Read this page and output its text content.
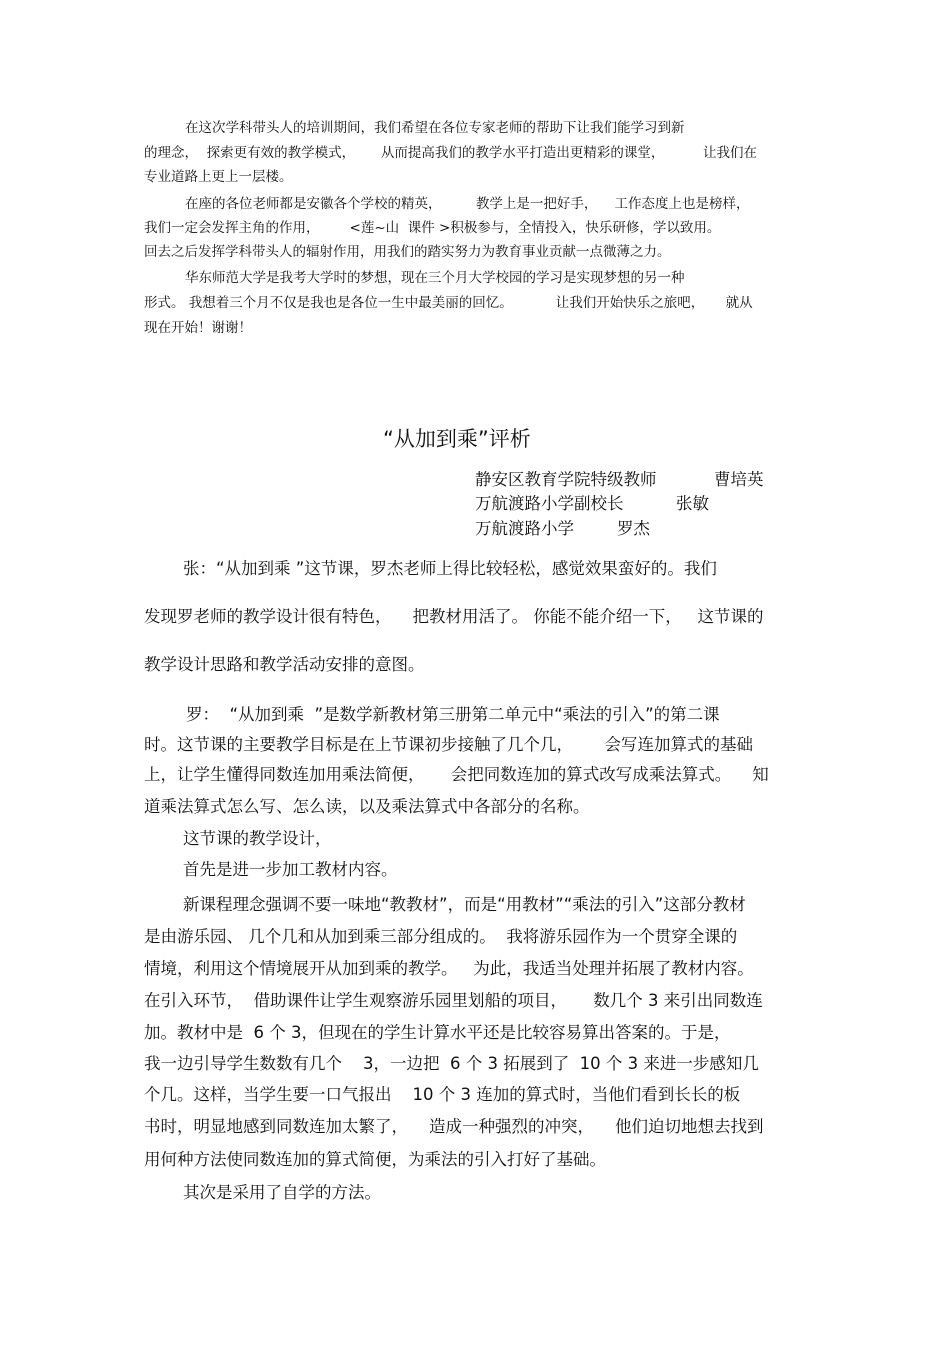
在这次学科带头人的培训期间，我们希望在各位专家老师的帮助下让我们能学习到新
的理念，  探索更有效的教学模式，      从而提高我们的教学水平打造出更精彩的课堂，         让我们在
专业道路上更上一层楼。
在座的各位老师都是安徽各个学校的精英，        教学上是一把好手，    工作态度上也是榜样，
我们一定会发挥主角的作用，       <莲~山  课件 >积极参与，全情投入，快乐研修，学以致用。
回去之后发挥学科带头人的辐射作用，用我们的踏实努力为教育事业贡献一点微薄之力。
华东师范大学是我考大学时的梦想，现在三个月大学校园的学习是实现梦想的另一种
形式。 我想着三个月不仅是我也是各位一生中最美丽的回忆。          让我们开始快乐之旅吧，     就从
现在开始！谢谢！
“从加到乘”评析
静安区教育学院特级教师	曹培英
万航渡路小学副校长	张敏
万航渡路小学	罗杰
张：“从加到乘 ”这节课，罗杰老师上得比较轻松，感觉效果蛮好的。我们
发现罗老师的教学设计很有特色，    把教材用活了。 你能不能介绍一下，   这节课的
教学设计思路和教学活动安排的意图。
罗：  “从加到乘  ”是数学新教材第三册第二单元中“乘法的引入”的第二课
时。这节课的主要教学目标是在上节课初步接触了几个几，      会写连加算式的基础
上，让学生懂得同数连加用乘法简便，     会把同数连加的算式改写成乘法算式。    知
道乘法算式怎么写、怎么读，以及乘法算式中各部分的名称。
这节课的教学设计，
首先是进一步加工教材内容。
新课程理念强调不要一味地“教教材”，而是“用教材”“乘法的引入”这部分教材
是由游乐园、 几个几和从加到乘三部分组成的。  我将游乐园作为一个贯穿全课的
情境，利用这个情境展开从加到乘的教学。   为此，我适当处理并拓展了教材内容。
在引入环节，  借助课件让学生观察游乐园里划船的项目，     数几个 3 来引出同数连
加。教材中是  6 个 3，但现在的学生计算水平还是比较容易算出答案的。于是，
我一边引导学生数数有几个    3，一边把  6 个 3 拓展到了  10 个 3 来进一步感知几
个几。这样，当学生要一口气报出    10 个 3 连加的算式时，当他们看到长长的板
书时，明显地感到同数连加太繁了，    造成一种强烈的冲突，    他们迫切地想去找到
用何种方法使同数连加的算式简便，为乘法的引入打好了基础。
其次是采用了自学的方法。
